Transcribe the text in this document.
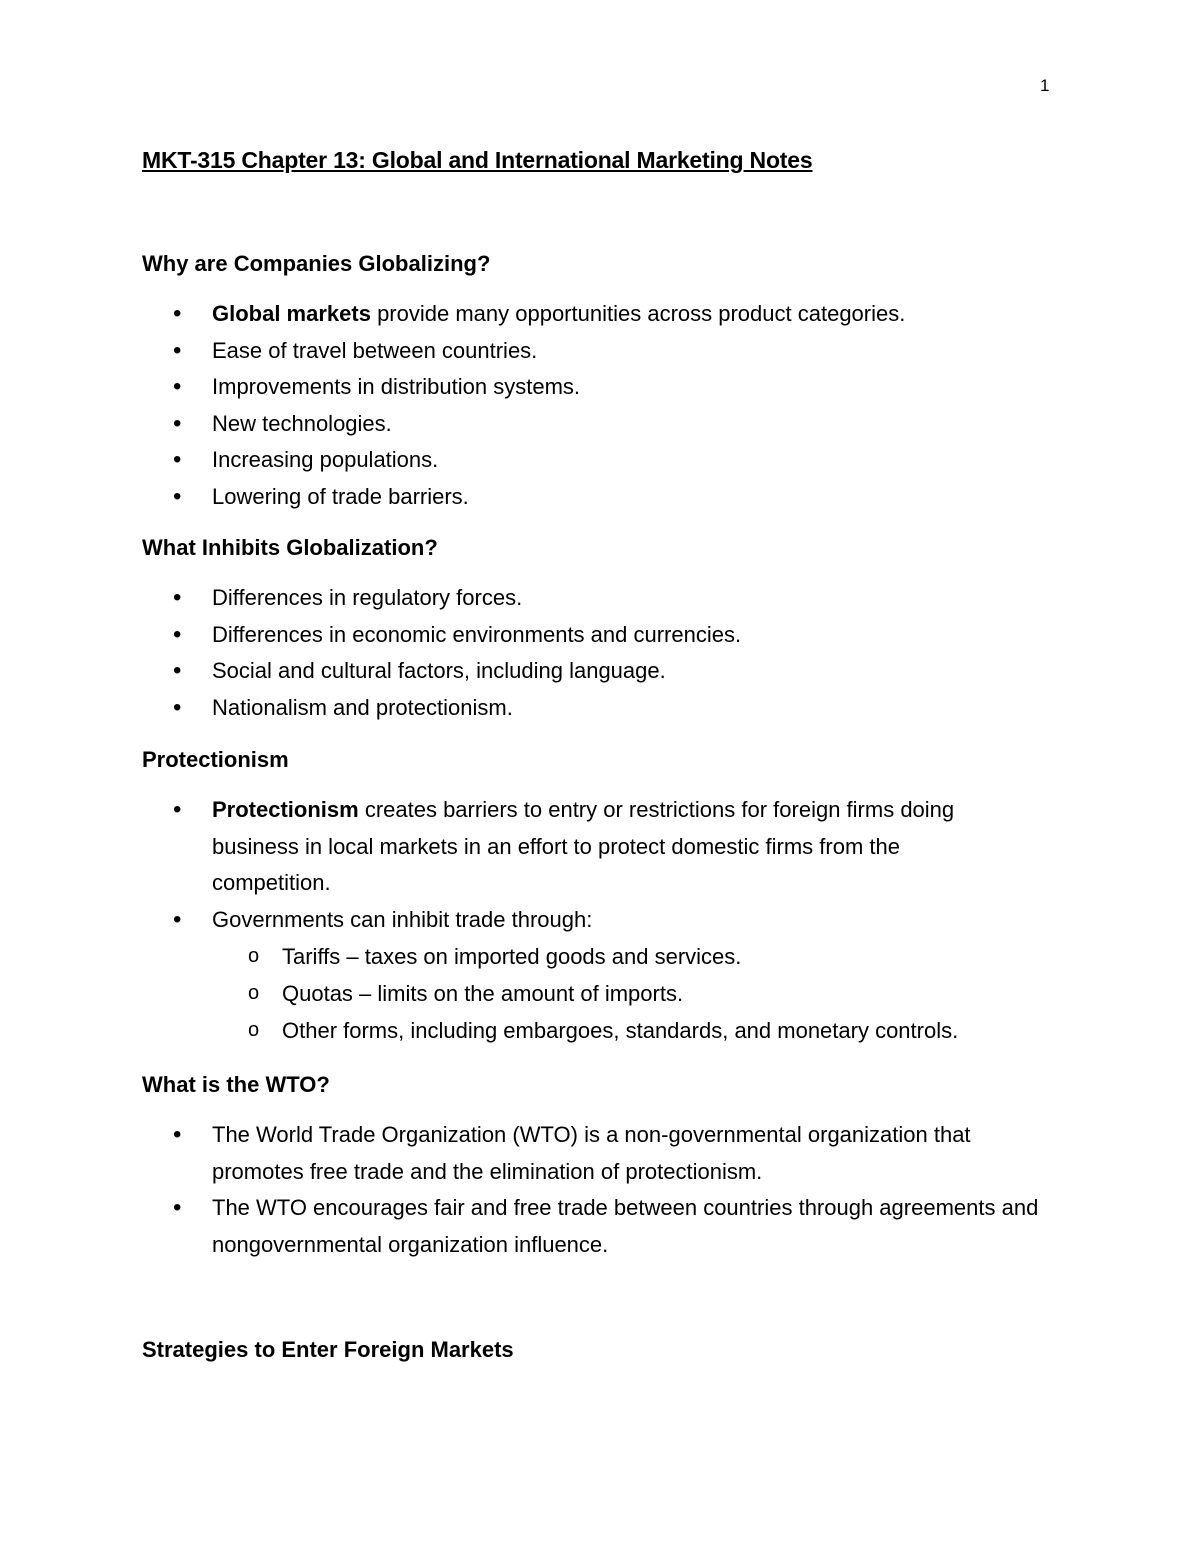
1
MKT-315 Chapter 13: Global and International Marketing Notes
Why are Companies Globalizing?
• Global markets provide many opportunities across product categories.
• Ease of travel between countries.
• Improvements in distribution systems.
• New technologies.
• Increasing populations.
• Lowering of trade barriers.
What Inhibits Globalization?
• Differences in regulatory forces.
• Differences in economic environments and currencies.
• Social and cultural factors, including language.
• Nationalism and protectionism.
Protectionism
• Protectionism creates barriers to entry or restrictions for foreign firms doing business in local markets in an effort to protect domestic firms from the competition.
• Governments can inhibit trade through:
o Tariffs – taxes on imported goods and services.
o Quotas – limits on the amount of imports.
o Other forms, including embargoes, standards, and monetary controls.
What is the WTO?
• The World Trade Organization (WTO) is a non-governmental organization that promotes free trade and the elimination of protectionism.
• The WTO encourages fair and free trade between countries through agreements and nongovernmental organization influence.
Strategies to Enter Foreign Markets
